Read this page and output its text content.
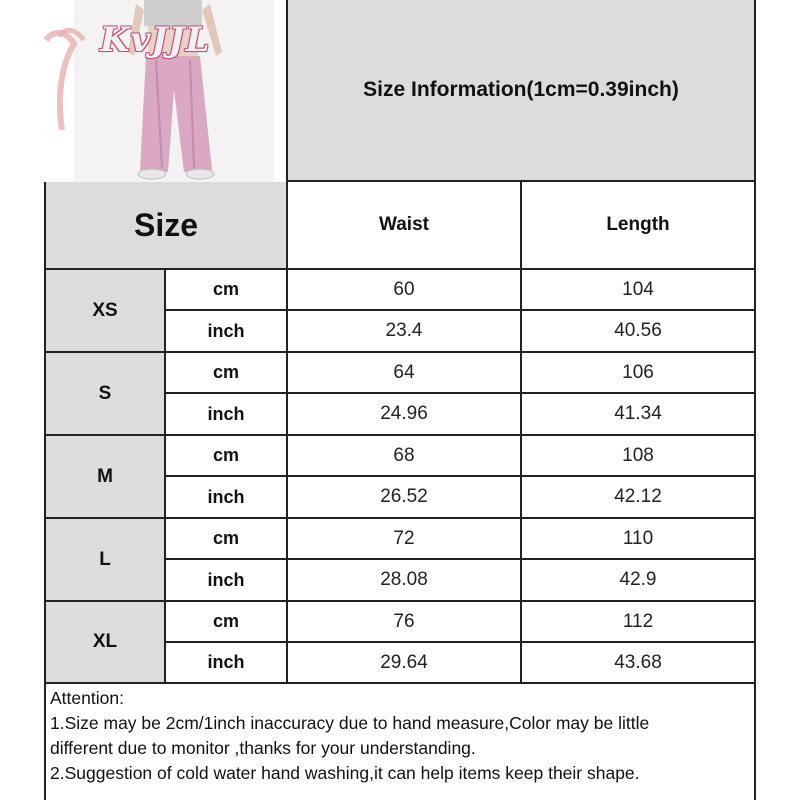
KvJJL
Size Information(1cm=0.39inch)
Size	Waist	Length
XS
cm	60	104
inch	23.4	40.56
S
cm	64	106
inch	24.96	41.34
M
cm	68	108
inch	26.52	42.12
L
cm	72	110
inch	28.08	42.9
XL
cm	76	112
inch	29.64	43.68
Attention:
1.Size may be 2cm/1inch inaccuracy due to hand measure,Color may be little
different due to monitor ,thanks for your understanding.
2.Suggestion of cold water hand washing,it can help items keep their shape.
